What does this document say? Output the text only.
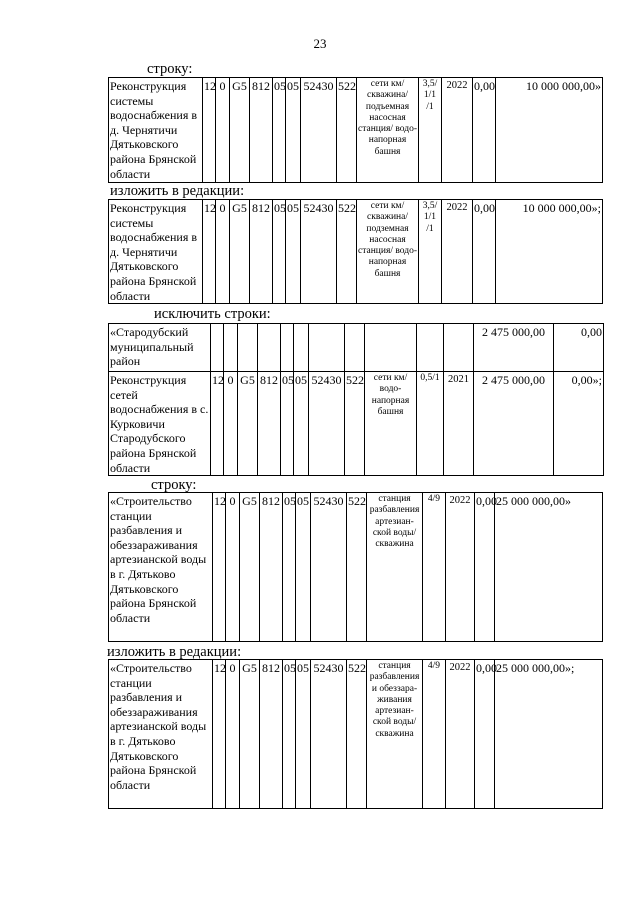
23
строку:
Реконструкция системы водоснабжения в д. Чернятичи Дятьковского района Брянской области	12	0	G5	812	05	05	52430	522	сети км/ скважина/ подъемная насосная станция/ водо-напорная башня	3,5/ 1/1 /1	2022	0,00	10 000 000,00»
изложить в редакции:
Реконструкция системы водоснабжения в д. Чернятичи Дятьковского района Брянской области	12	0	G5	812	05	05	52430	522	сети км/ скважина/ подземная насосная станция/ водо-напорная башня	3,5/ 1/1 /1	2022	0,00	10 000 000,00»;
исключить строки:
«Стародубский муниципальный район												2 475 000,00	0,00
Реконструкция сетей водоснабжения в с. Курковичи Стародубского района Брянской области	12	0	G5	812	05	05	52430	522	сети км/ водо-напорная башня	0,5/1	2021	2 475 000,00	0,00»;
строку:
«Строительство станции разбавления и обеззараживания артезианской воды в г. Дятьково Дятьковского района Брянской области	12	0	G5	812	05	05	52430	522	станция разбавления артезиан-ской воды/ скважина	4/9	2022	0,00	25 000 000,00»
изложить в редакции:
«Строительство станции разбавления и обеззараживания артезианской воды в г. Дятьково Дятьковского района Брянской области	12	0	G5	812	05	05	52430	522	станция разбавления и обеззара-живания артезиан-ской воды/ скважина	4/9	2022	0,00	25 000 000,00»;
